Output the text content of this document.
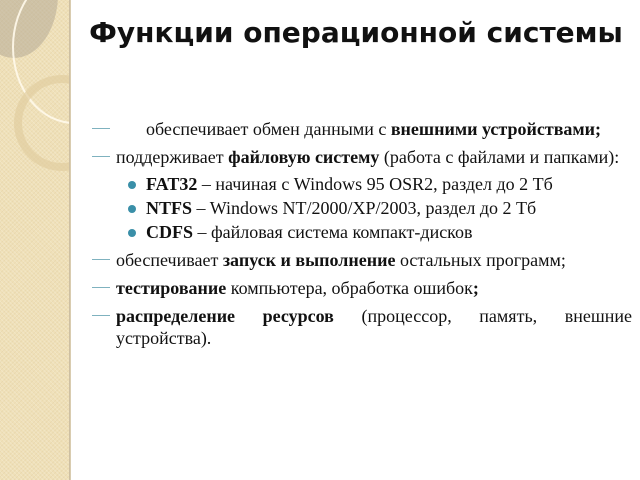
Функции операционной системы
обеспечивает обмен данными с внешними устройствами;
поддерживает файловую систему (работа с файлами и папками):
FAT32 – начиная с Windows 95 OSR2, раздел до 2 Тб
NTFS – Windows NT/2000/XP/2003, раздел до 2 Тб
CDFS – файловая система компакт-дисков
обеспечивает запуск и выполнение остальных программ;
тестирование компьютера, обработка ошибок;
распределение ресурсов (процессор, память, внешние устройства).
